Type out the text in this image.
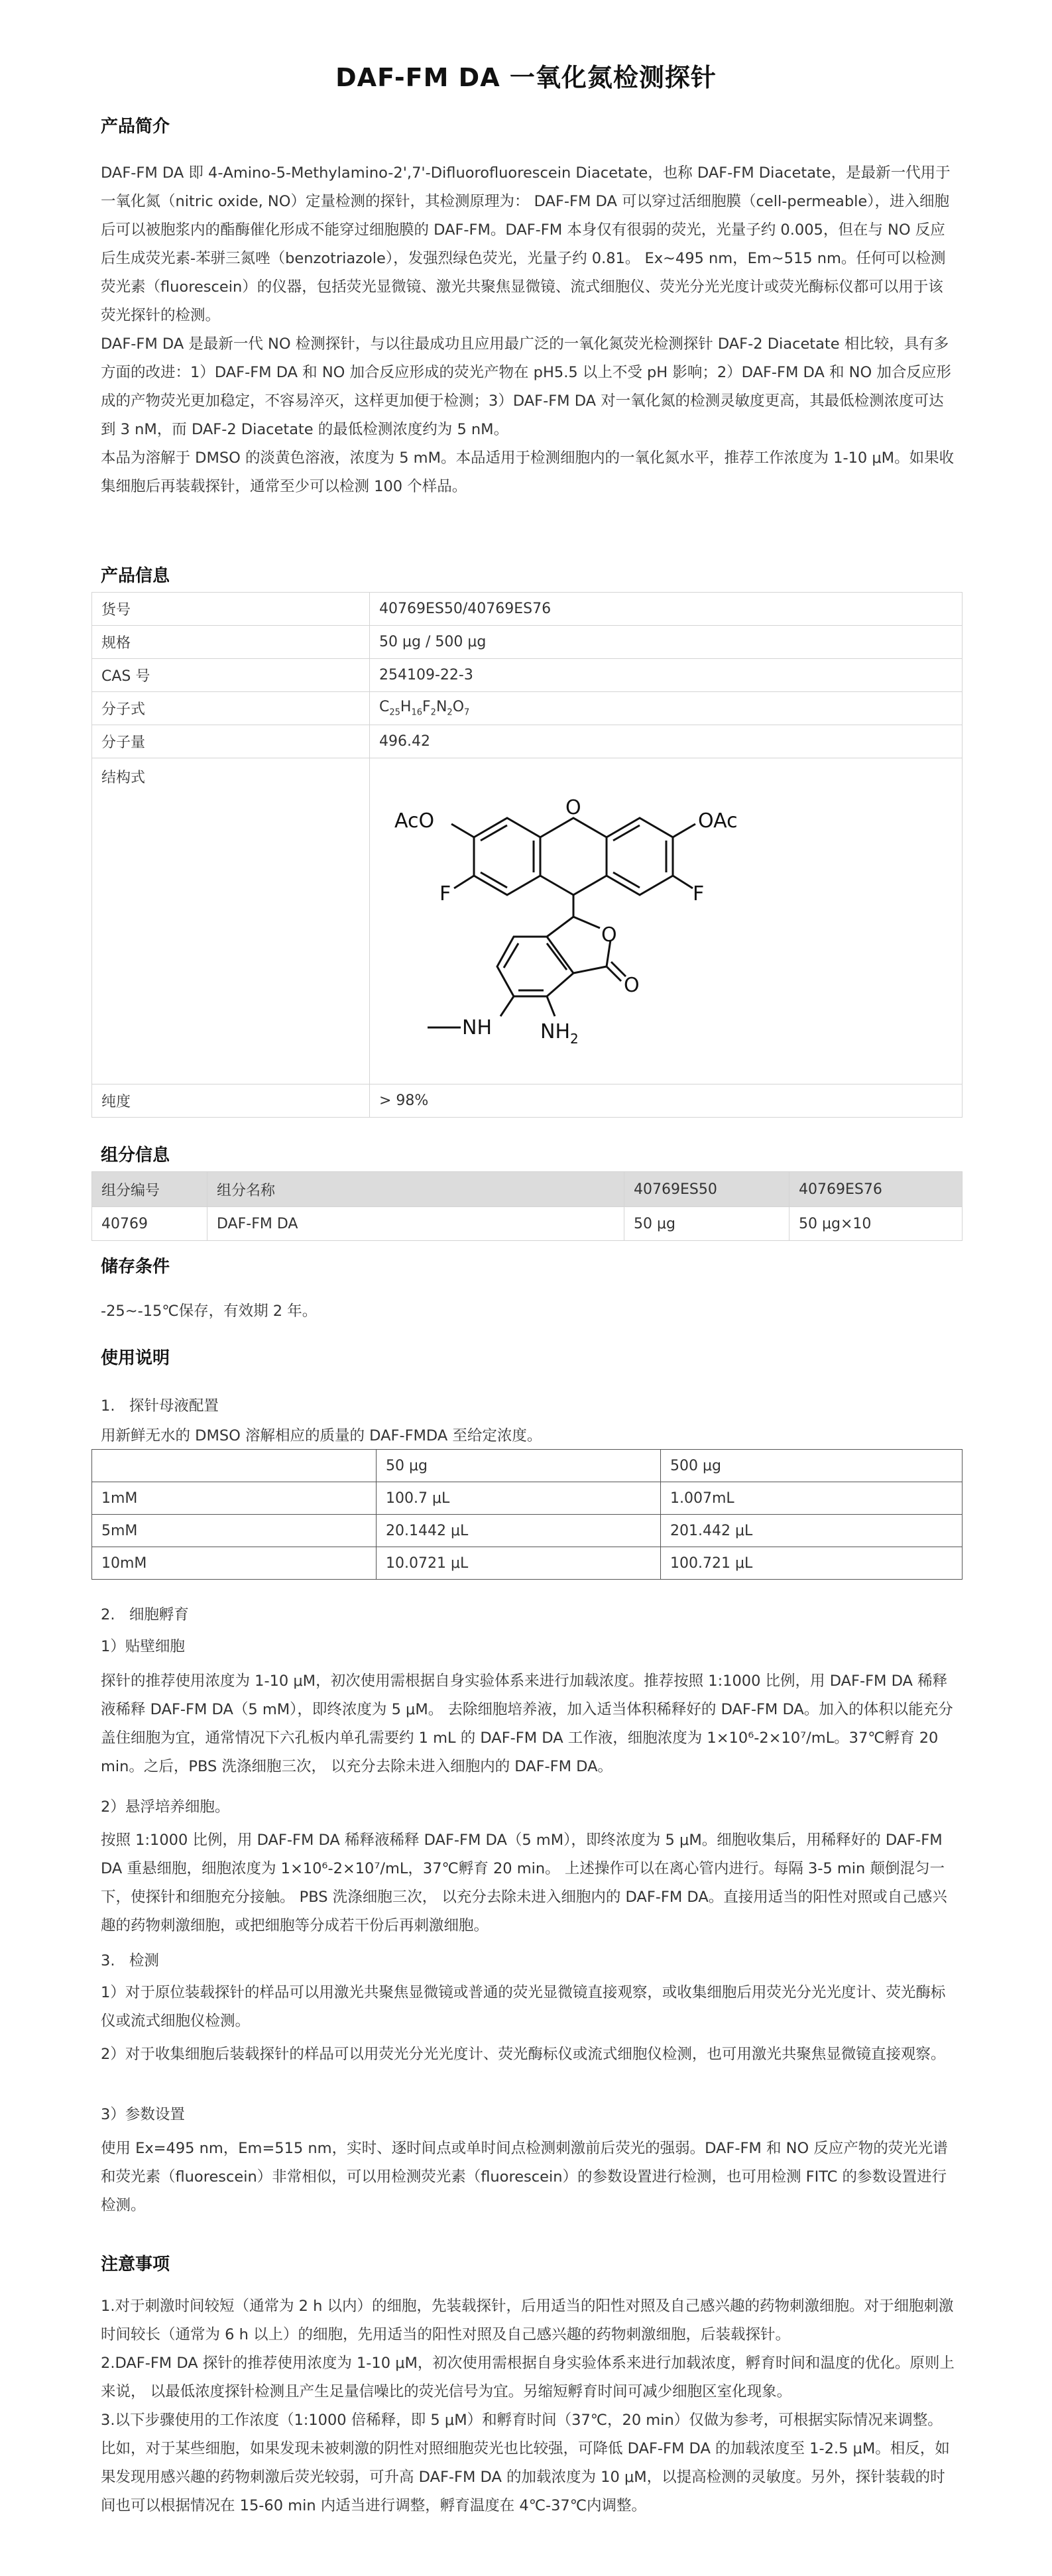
DAF-FM DA 一氧化氮检测探针
产品简介

DAF-FM DA 即 4-Amino-5-Methylamino-2',7'-Difluorofluorescein Diacetate，也称 DAF-FM Diacetate，是最新一代用于一氧化氮（nitric oxide, NO）定量检测的探针，其检测原理为： DAF-FM DA 可以穿过活细胞膜（cell-permeable），进入细胞后可以被胞浆内的酯酶催化形成不能穿过细胞膜的 DAF-FM。DAF-FM 本身仅有很弱的荧光，光量子约 0.005，但在与 NO 反应后生成荧光素-苯骈三氮唑（benzotriazole），发强烈绿色荧光，光量子约 0.81。 Ex~495 nm，Em~515 nm。任何可以检测荧光素（fluorescein）的仪器，包括荧光显微镜、激光共聚焦显微镜、流式细胞仪、荧光分光光度计或荧光酶标仪都可以用于该荧光探针的检测。

DAF-FM DA 是最新一代 NO 检测探针，与以往最成功且应用最广泛的一氧化氮荧光检测探针 DAF-2 Diacetate 相比较，具有多方面的改进：1）DAF-FM DA 和 NO 加合反应形成的荧光产物在 pH5.5 以上不受 pH 影响；2）DAF-FM DA 和 NO 加合反应形成的产物荧光更加稳定，不容易淬灭，这样更加便于检测；3）DAF-FM DA 对一氧化氮的检测灵敏度更高，其最低检测浓度可达到 3 nM，而 DAF-2 Diacetate 的最低检测浓度约为 5 nM。

本品为溶解于 DMSO 的淡黄色溶液，浓度为 5 mM。本品适用于检测细胞内的一氧化氮水平，推荐工作浓度为 1-10 μM。如果收集细胞后再装载探针，通常至少可以检测 100 个样品。

产品信息
货号	40769ES50/40769ES76
规格	50 μg / 500 μg
CAS 号	254109-22-3
分子式	$C_{25}H_{16}F_2N_2O_7$
分子量	496.42
结构式	
纯度	> 98%
AcO	OAc
O
F	F
O
O
NH $NH_2$
组分信息
组分编号	组分名称	40769ES50	40769ES76
40769	DAF-FM DA	50 μg	50 μg×10
储存条件
-25~-15℃保存，有效期 2 年。
使用说明
1.   探针母液配置
用新鲜无水的 DMSO 溶解相应的质量的 DAF-FMDA 至给定浓度。
	50 μg	500 μg
1mM	100.7 μL	1.007mL
5mM	20.1442 μL	201.442 μL
10mM	10.0721 μL	100.721 μL
2.   细胞孵育
1）贴壁细胞
探针的推荐使用浓度为 1-10 μM，初次使用需根据自身实验体系来进行加载浓度。推荐按照 1:1000 比例，用 DAF-FM DA 稀释液稀释 DAF-FM DA（5 mM），即终浓度为 5 μM。 去除细胞培养液，加入适当体积稀释好的 DAF-FM DA。加入的体积以能充分盖住细胞为宜，通常情况下六孔板内单孔需要约 1 mL 的 DAF-FM DA 工作液，细胞浓度为 1×10⁶-2×10⁷/mL。37℃孵育 20 min。之后，PBS 洗涤细胞三次， 以充分去除未进入细胞内的 DAF-FM DA。
2）悬浮培养细胞。
按照 1:1000 比例，用 DAF-FM DA 稀释液稀释 DAF-FM DA（5 mM），即终浓度为 5 μM。细胞收集后，用稀释好的 DAF-FM DA 重悬细胞，细胞浓度为 1×10⁶-2×10⁷/mL，37℃孵育 20 min。 上述操作可以在离心管内进行。每隔 3-5 min 颠倒混匀一下，使探针和细胞充分接触。 PBS 洗涤细胞三次， 以充分去除未进入细胞内的 DAF-FM DA。直接用适当的阳性对照或自己感兴趣的药物刺激细胞，或把细胞等分成若干份后再刺激细胞。
3.   检测
1）对于原位装载探针的样品可以用激光共聚焦显微镜或普通的荧光显微镜直接观察，或收集细胞后用荧光分光光度计、荧光酶标仪或流式细胞仪检测。
2）对于收集细胞后装载探针的样品可以用荧光分光光度计、荧光酶标仪或流式细胞仪检测，也可用激光共聚焦显微镜直接观察。
3）参数设置
使用 Ex=495 nm，Em=515 nm，实时、逐时间点或单时间点检测刺激前后荧光的强弱。DAF-FM 和 NO 反应产物的荧光光谱和荧光素（fluorescein）非常相似，可以用检测荧光素（fluorescein）的参数设置进行检测，也可用检测 FITC 的参数设置进行检测。
注意事项

1.对于刺激时间较短（通常为 2 h 以内）的细胞，先装载探针，后用适当的阳性对照及自己感兴趣的药物刺激细胞。对于细胞刺激时间较长（通常为 6 h 以上）的细胞，先用适当的阳性对照及自己感兴趣的药物刺激细胞，后装载探针。

2.DAF-FM DA 探针的推荐使用浓度为 1-10 μM，初次使用需根据自身实验体系来进行加载浓度，孵育时间和温度的优化。原则上来说， 以最低浓度探针检测且产生足量信噪比的荧光信号为宜。另缩短孵育时间可减少细胞区室化现象。

3.以下步骤使用的工作浓度（1:1000 倍稀释，即 5 μM）和孵育时间（37℃，20 min）仅做为参考，可根据实际情况来调整。比如，对于某些细胞，如果发现未被刺激的阴性对照细胞荧光也比较强，可降低 DAF-FM DA 的加载浓度至 1-2.5 μM。相反，如果发现用感兴趣的药物刺激后荧光较弱，可升高 DAF-FM DA 的加载浓度为 10 μM，以提高检测的灵敏度。另外，探针装载的时间也可以根据情况在 15-60 min 内适当进行调整，孵育温度在 4℃-37℃内调整。
